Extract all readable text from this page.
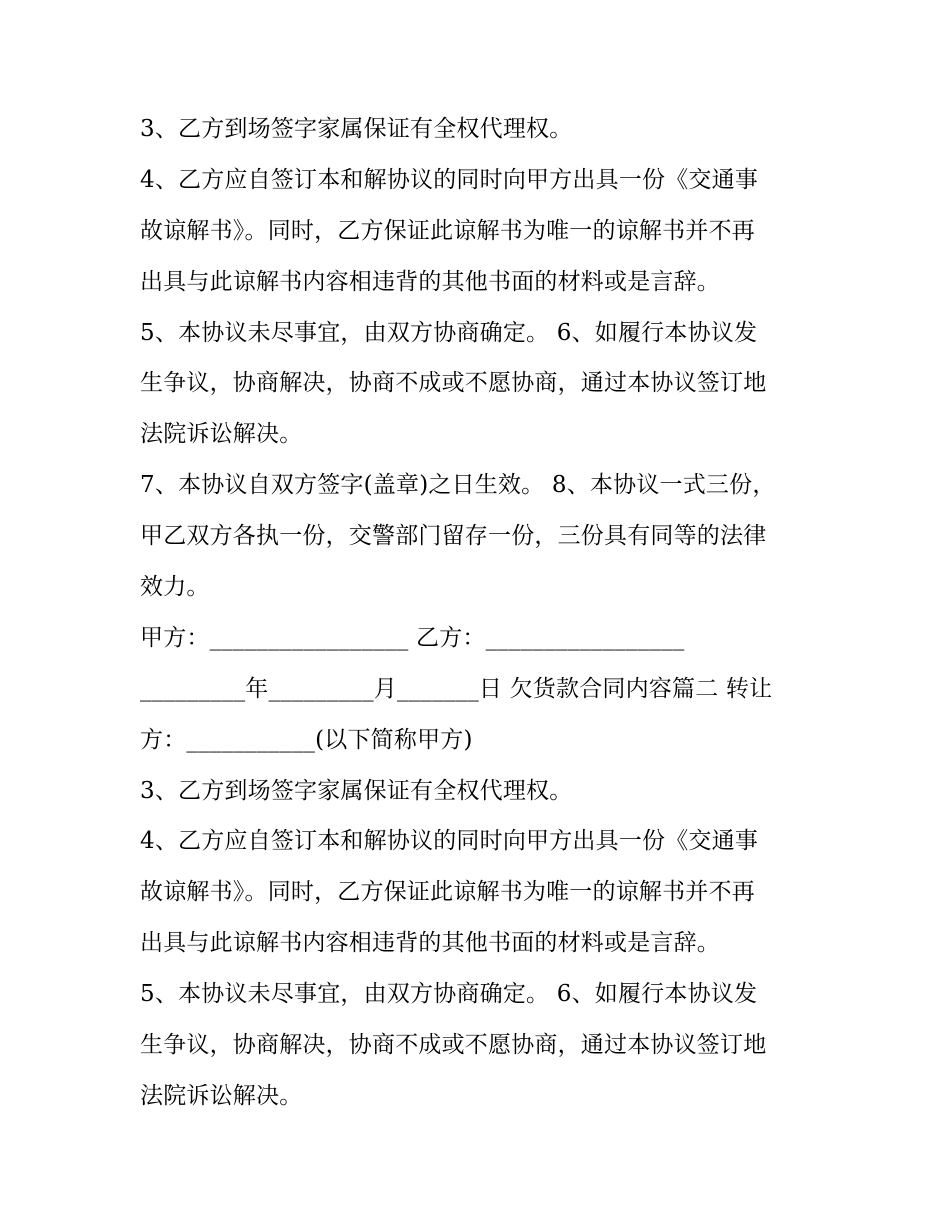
3、乙方到场签字家属保证有全权代理权。
4、乙方应自签订本和解协议的同时向甲方出具一份《交通事
故谅解书》。同时，乙方保证此谅解书为唯一的谅解书并不再
出具与此谅解书内容相违背的其他书面的材料或是言辞。
5、本协议未尽事宜，由双方协商确定。 6、如履行本协议发
生争议，协商解决，协商不成或不愿协商，通过本协议签订地
法院诉讼解决。
7、本协议自双方签字(盖章)之日生效。 8、本协议一式三份，
甲乙双方各执一份，交警部门留存一份，三份具有同等的法律
效力。
甲方：_________________ 乙方：_________________
_________年_________月_______日 欠货款合同内容篇二 转让
方：___________(以下简称甲方)
3、乙方到场签字家属保证有全权代理权。
4、乙方应自签订本和解协议的同时向甲方出具一份《交通事
故谅解书》。同时，乙方保证此谅解书为唯一的谅解书并不再
出具与此谅解书内容相违背的其他书面的材料或是言辞。
5、本协议未尽事宜，由双方协商确定。 6、如履行本协议发
生争议，协商解决，协商不成或不愿协商，通过本协议签订地
法院诉讼解决。
